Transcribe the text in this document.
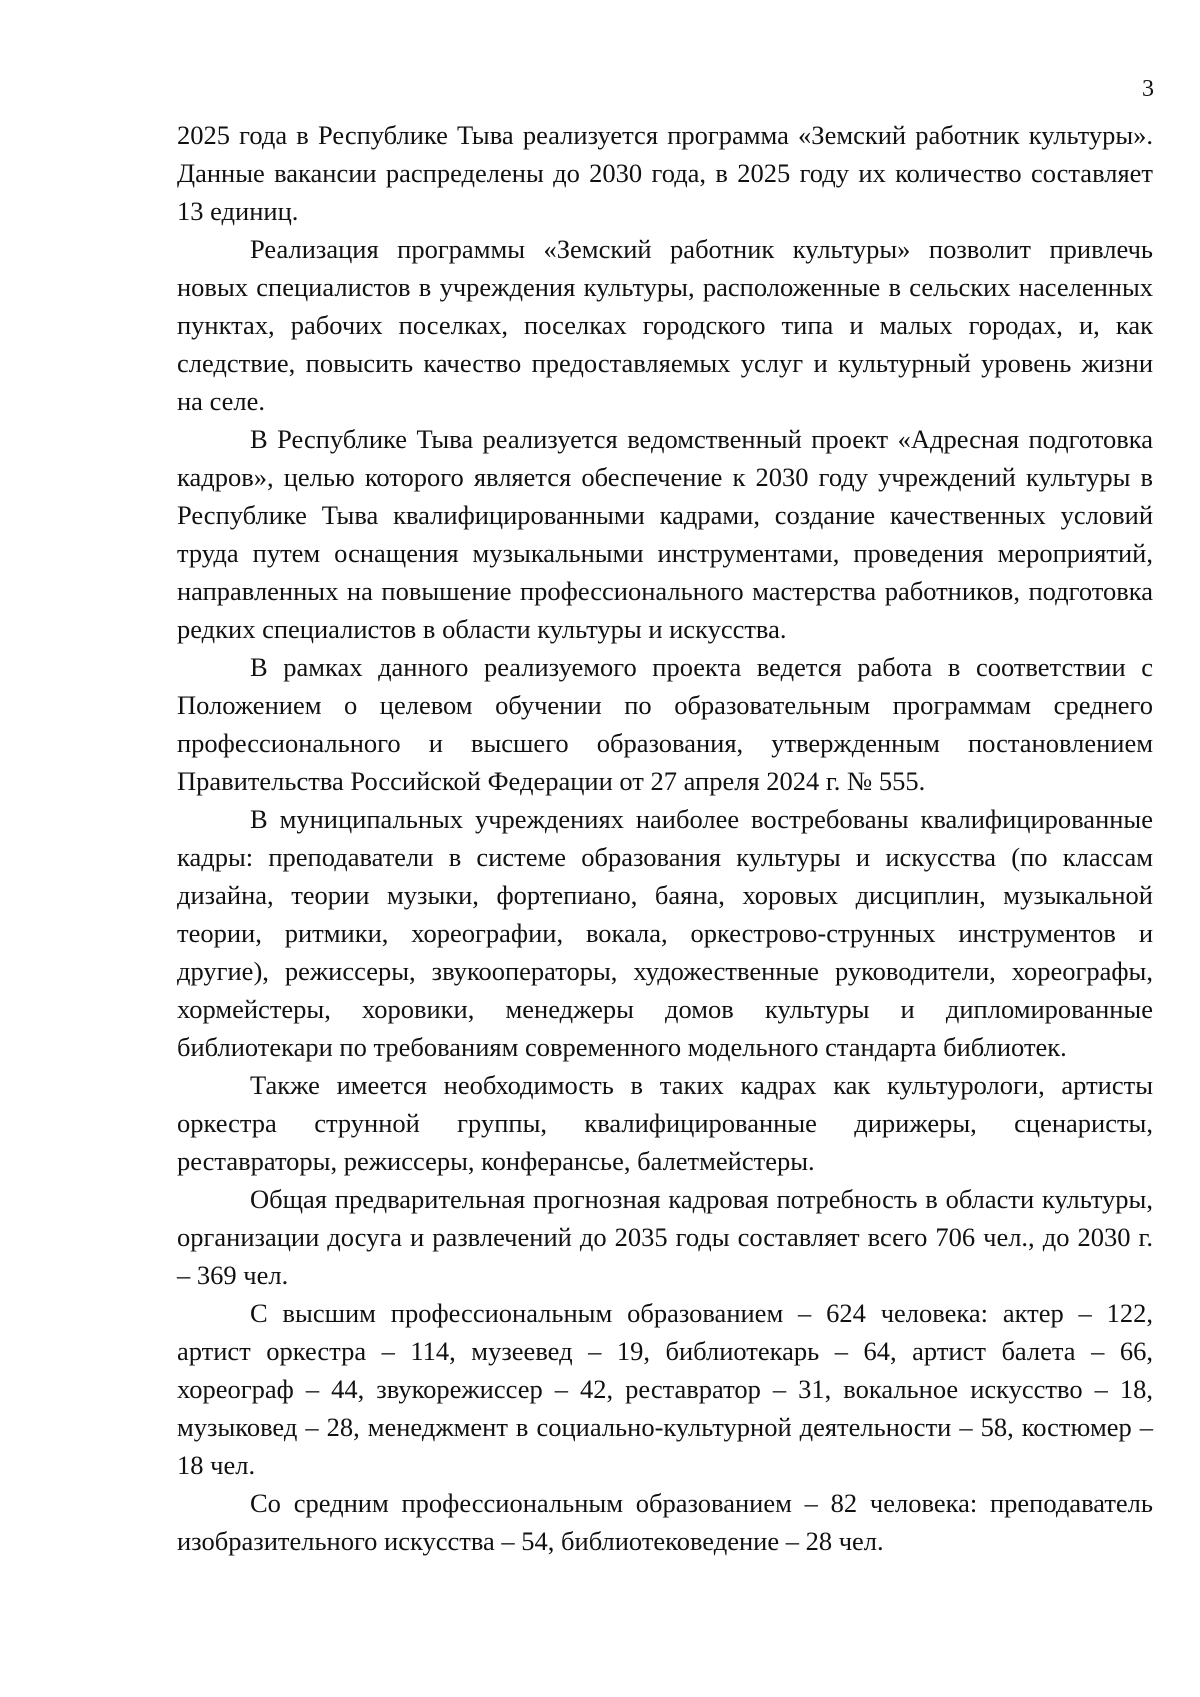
3

2025 года в Республике Тыва реализуется программа «Земский работник культуры». Данные вакансии распределены до 2030 года, в 2025 году их количество составляет 13 единиц.

Реализация программы «Земский работник культуры» позволит привлечь новых специалистов в учреждения культуры, расположенные в сельских населенных пунктах, рабочих поселках, поселках городского типа и малых городах, и, как следствие, повысить качество предоставляемых услуг и культурный уровень жизни на селе.

В Республике Тыва реализуется ведомственный проект «Адресная подготовка кадров», целью которого является обеспечение к 2030 году учреждений культуры в Республике Тыва квалифицированными кадрами, создание качественных условий труда путем оснащения музыкальными инструментами, проведения мероприятий, направленных на повышение профессионального мастерства работников, подготовка редких специалистов в области культуры и искусства.

В рамках данного реализуемого проекта ведется работа в соответствии с Положением о целевом обучении по образовательным программам среднего профессионального и высшего образования, утвержденным постановлением Правительства Российской Федерации от 27 апреля 2024 г. № 555.

В муниципальных учреждениях наиболее востребованы квалифицированные кадры: преподаватели в системе образования культуры и искусства (по классам дизайна, теории музыки, фортепиано, баяна, хоровых дисциплин, музыкальной теории, ритмики, хореографии, вокала, оркестрово-струнных инструментов и другие), режиссеры, звукооператоры, художественные руководители, хореографы, хормейстеры, хоровики, менеджеры домов культуры и дипломированные библиотекари по требованиям современного модельного стандарта библиотек.

Также имеется необходимость в таких кадрах как культурологи, артисты оркестра струнной группы, квалифицированные дирижеры, сценаристы, реставраторы, режиссеры, конферансье, балетмейстеры.

Общая предварительная прогнозная кадровая потребность в области культуры, организации досуга и развлечений до 2035 годы составляет всего 706 чел., до 2030 г. – 369 чел.

С высшим профессиональным образованием – 624 человека: актер – 122, артист оркестра – 114, музеевед – 19, библиотекарь – 64, артист балета – 66, хореограф – 44, звукорежиссер – 42, реставратор – 31, вокальное искусство – 18, музыковед – 28, менеджмент в социально-культурной деятельности – 58, костюмер – 18 чел.

Со средним профессиональным образованием – 82 человека: преподаватель изобразительного искусства – 54, библиотековедение – 28 чел.
